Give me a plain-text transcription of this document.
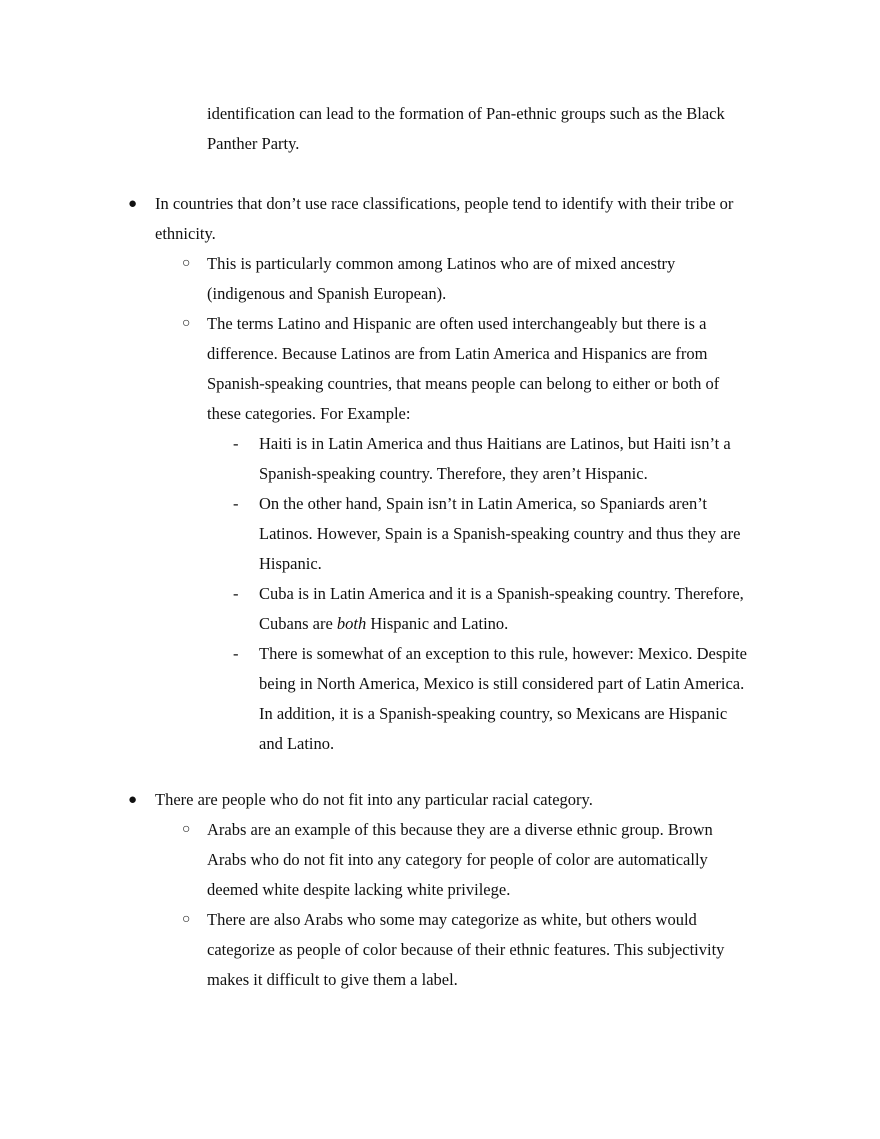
identification can lead to the formation of Pan-ethnic groups such as the Black
Panther Party.
● In countries that don’t use race classifications, people tend to identify with their tribe or
ethnicity.
○ This is particularly common among Latinos who are of mixed ancestry
(indigenous and Spanish European).
○ The terms Latino and Hispanic are often used interchangeably but there is a
difference. Because Latinos are from Latin America and Hispanics are from
Spanish-speaking countries, that means people can belong to either or both of
these categories. For Example:
- Haiti is in Latin America and thus Haitians are Latinos, but Haiti isn’t a
Spanish-speaking country. Therefore, they aren’t Hispanic.
- On the other hand, Spain isn’t in Latin America, so Spaniards aren’t
Latinos. However, Spain is a Spanish-speaking country and thus they are
Hispanic.
- Cuba is in Latin America and it is a Spanish-speaking country. Therefore,
Cubans are both Hispanic and Latino.
- There is somewhat of an exception to this rule, however: Mexico. Despite
being in North America, Mexico is still considered part of Latin America.
In addition, it is a Spanish-speaking country, so Mexicans are Hispanic
and Latino.
● There are people who do not fit into any particular racial category.
○ Arabs are an example of this because they are a diverse ethnic group. Brown
Arabs who do not fit into any category for people of color are automatically
deemed white despite lacking white privilege.
○ There are also Arabs who some may categorize as white, but others would
categorize as people of color because of their ethnic features. This subjectivity
makes it difficult to give them a label.
